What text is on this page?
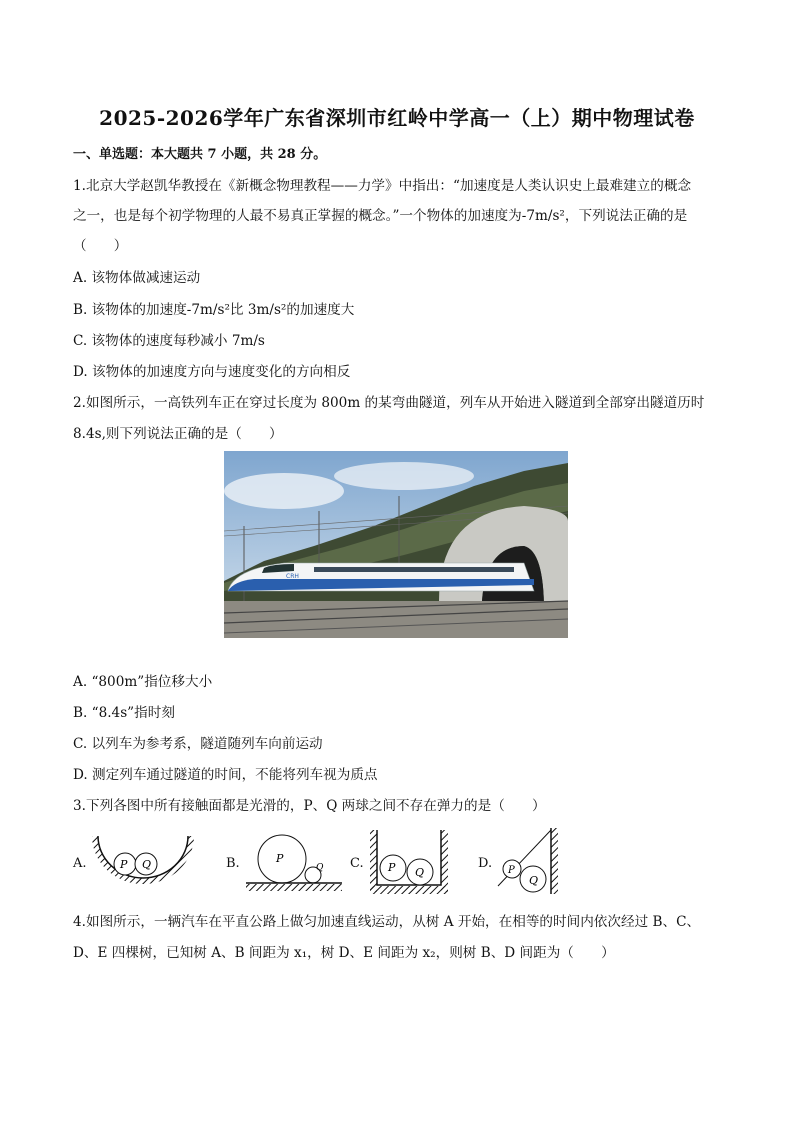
2025-2026学年广东省深圳市红岭中学高一（上）期中物理试卷
一、单选题：本大题共 7 小题，共 28 分。
1.北京大学赵凯华教授在《新概念物理教程——力学》中指出：“加速度是人类认识史上最难建立的概念
之一，也是每个初学物理的人最不易真正掌握的概念。”一个物体的加速度为-7m/s²，下列说法正确的是
（　　）
A. 该物体做减速运动
B. 该物体的加速度-7m/s²比 3m/s²的加速度大
C. 该物体的速度每秒减小 7m/s
D. 该物体的加速度方向与速度变化的方向相反
2.如图所示，一高铁列车正在穿过长度为 800m 的某弯曲隧道，列车从开始进入隧道到全部穿出隧道历时
8.4s,则下列说法正确的是（　　）
CRH
A. “800m”指位移大小
B. “8.4s”指时刻
C. 以列车为参考系，隧道随列车向前运动
D. 测定列车通过隧道的时间，不能将列车视为质点
3.下列各图中所有接触面都是光滑的，P、Q 两球之间不存在弹力的是（　　）
A.	P Q	B.	P
Q C. P Q
D. P
Q
4.如图所示，一辆汽车在平直公路上做匀加速直线运动，从树 A 开始，在相等的时间内依次经过 B、C、
D、E 四棵树，已知树 A、B 间距为 x₁，树 D、E 间距为 x₂，则树 B、D 间距为（　　）
